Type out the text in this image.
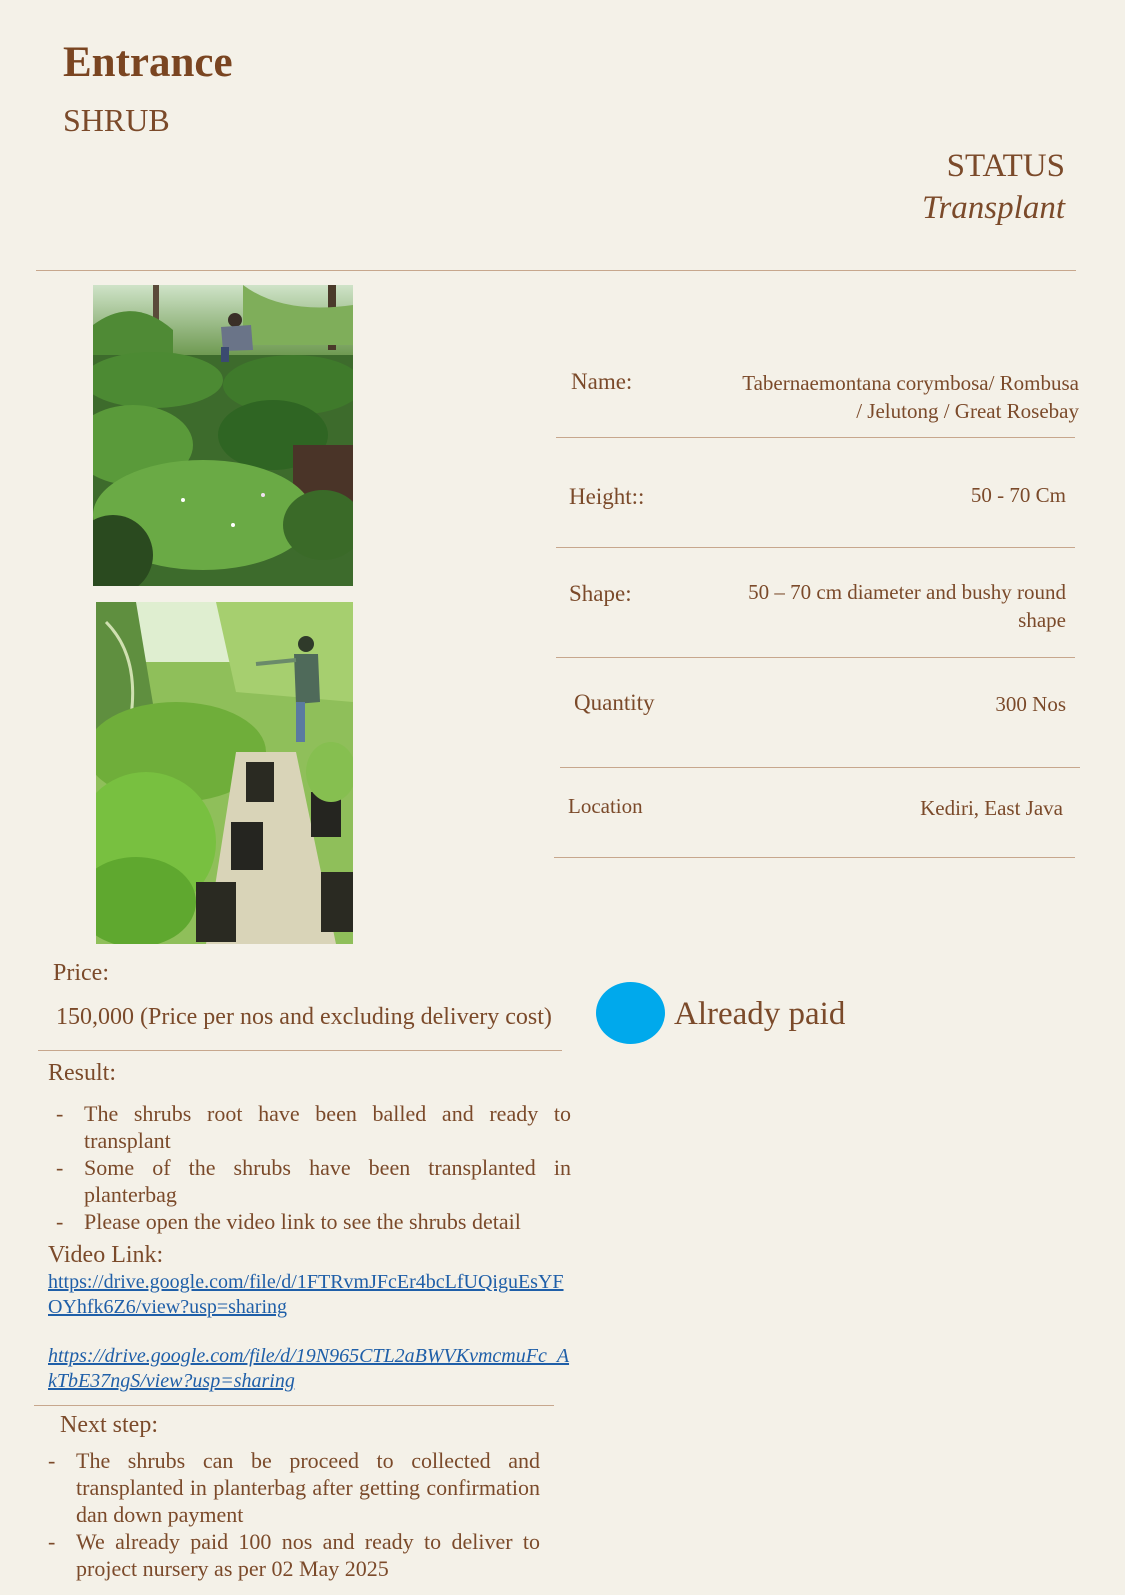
Entrance
SHRUB
STATUS
Transplant
Name:	Tabernaemontana corymbosa/ Rombusa
/ Jelutong / Great Rosebay
Height::	50 - 70 Cm
Shape:	50 – 70 cm diameter and bushy round
shape
Quantity	300 Nos
Location	Kediri, East Java
Price:
150,000 (Price per nos and excluding delivery cost)	Already paid
Result:
- The shrubs root have been balled and ready to transplant
- Some of the shrubs have been transplanted in planterbag
- Please open the video link to see the shrubs detail
Video Link:
https://drive.google.com/file/d/1FTRvmJFcEr4bcLfUQiguEsYFOYhfk6Z6/view?usp=sharing
https://drive.google.com/file/d/19N965CTL2aBWVKvmcmuFc_AkTbE37ngS/view?usp=sharing
Next step:
- The shrubs can be proceed to collected and transplanted in planterbag after getting confirmation dan down payment
- We already paid 100 nos and ready to deliver to project nursery as per 02 May 2025
